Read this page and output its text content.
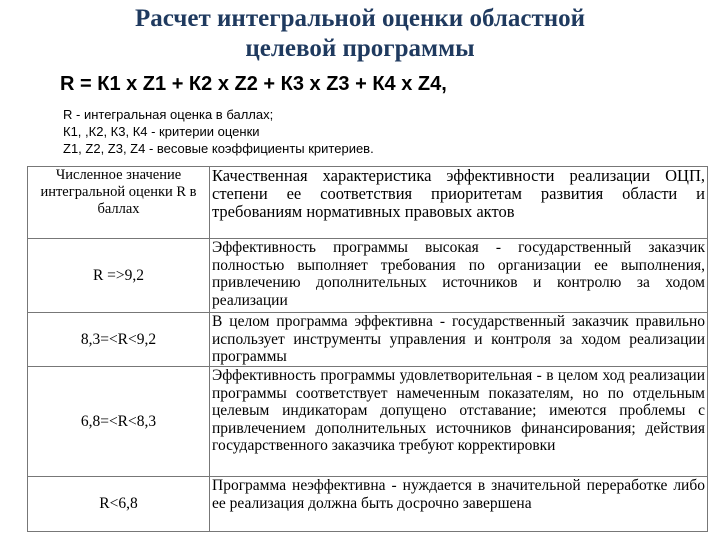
Расчет интегральной оценки областной
целевой программы
R = К1 х Z1 + К2 х Z2 + К3 х Z3 + К4 х Z4,
R - интегральная оценка в баллах;
К1, ,К2, К3, К4 - критерии оценки
Z1, Z2, Z3, Z4 - весовые коэффициенты критериев.
Численное значение интегральной оценки R в баллах	Качественная характеристика эффективности реализации ОЦП, степени ее соответствия приоритетам развития области и требованиям нормативных правовых актов
R =>9,2	Эффективность программы высокая - государственный заказчик полностью выполняет требования по организации ее выполнения, привлечению дополнительных источников и контролю за ходом реализации
8,3=<R<9,2	В целом программа эффективна - государственный заказчик правильно использует инструменты управления и контроля за ходом реализации программы
6,8=<R<8,3	Эффективность программы удовлетворительная - в целом ход реализации программы соответствует намеченным показателям, но по отдельным целевым индикаторам допущено отставание; имеются проблемы с привлечением дополнительных источников финансирования; действия государственного заказчика требуют корректировки
R<6,8	Программа неэффективна - нуждается в значительной переработке либо ее реализация должна быть досрочно завершена
